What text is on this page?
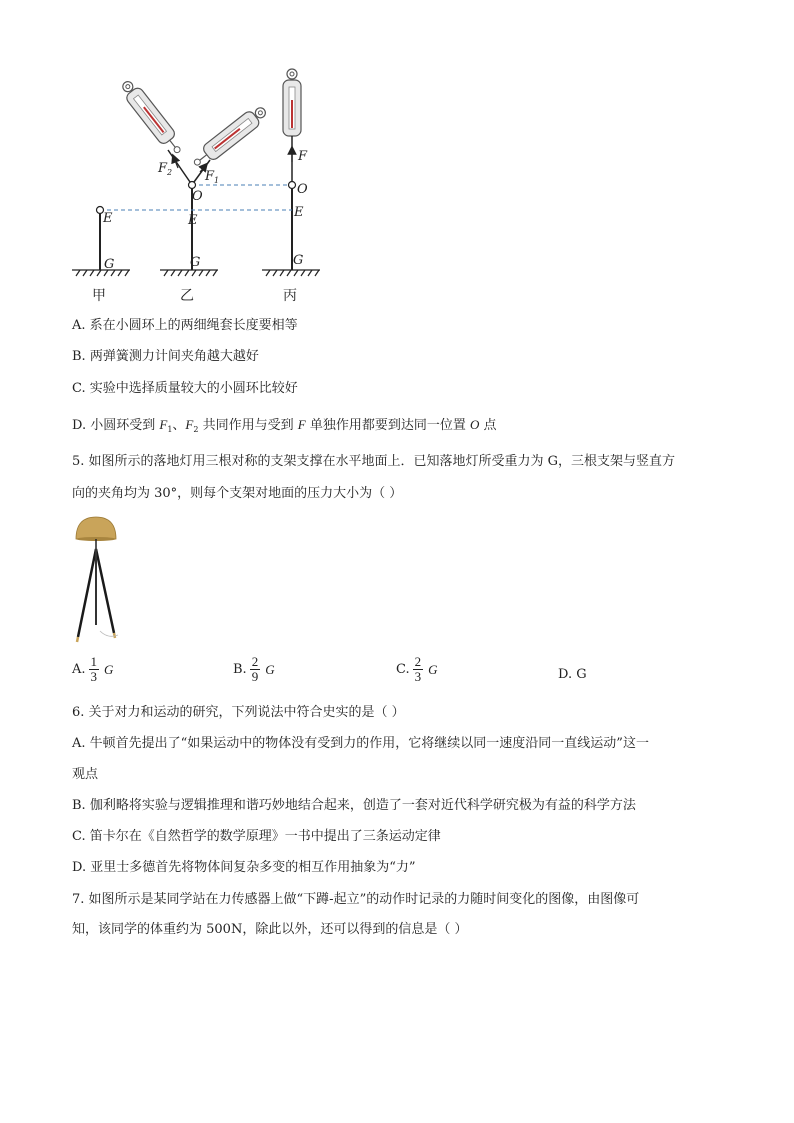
$F_2$	$F_1$
F
O	O
E	E
E
G	G	G
甲	乙	丙
A. 系在小圆环上的两细绳套长度要相等
B. 两弹簧测力计间夹角越大越好
C. 实验中选择质量较大的小圆环比较好
D. 小圆环受到 $F_1$、$F_2$ 共同作用与受到 F 单独作用都要到达同一位置 O 点
5. 如图所示的落地灯用三根对称的支架支撑在水平地面上．已知落地灯所受重力为 G，三根支架与竖直方
向的夹角均为 30°，则每个支架对地面的压力大小为（ ）
A. $\frac{1}{3}$ G	B. $\frac{2}{9}$ G	C. $\frac{2}{3}$ G	D. G
6. 关于对力和运动的研究，下列说法中符合史实的是（ ）
A. 牛顿首先提出了“如果运动中的物体没有受到力的作用，它将继续以同一速度沿同一直线运动”这一
观点
B. 伽利略将实验与逻辑推理和谐巧妙地结合起来，创造了一套对近代科学研究极为有益的科学方法
C. 笛卡尔在《自然哲学的数学原理》一书中提出了三条运动定律
D. 亚里士多德首先将物体间复杂多变的相互作用抽象为“力”
7. 如图所示是某同学站在力传感器上做“下蹲-起立”的动作时记录的力随时间变化的图像，由图像可
知，该同学的体重约为 500N，除此以外，还可以得到的信息是（ ）
